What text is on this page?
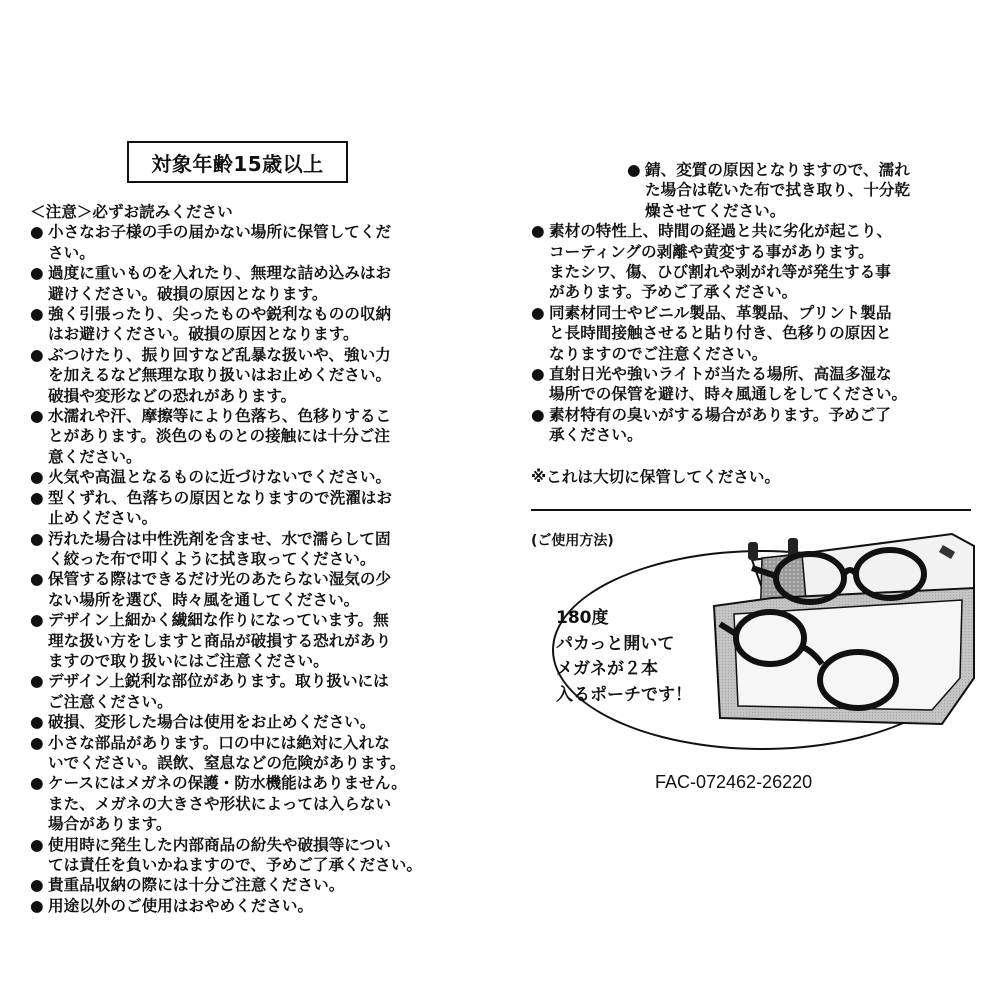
対象年齢15歳以上

＜注意＞必ずお読みください

● 小さなお子様の手の届かない場所に保管してくだ
さい。
● 過度に重いものを入れたり、無理な詰め込みはお
避けください。破損の原因となります。
● 強く引張ったり、尖ったものや鋭利なものの収納
はお避けください。破損の原因となります。
● ぶつけたり、振り回すなど乱暴な扱いや、強い力
を加えるなど無理な取り扱いはお止めください。
破損や変形などの恐れがあります。
● 水濡れや汗、摩擦等により色落ち、色移りするこ
とがあります。淡色のものとの接触には十分ご注
意ください。
● 火気や高温となるものに近づけないでください。
● 型くずれ、色落ちの原因となりますので洗濯はお
止めください。
● 汚れた場合は中性洗剤を含ませ、水で濡らして固
く絞った布で叩くように拭き取ってください。
● 保管する際はできるだけ光のあたらない湿気の少
ない場所を選び、時々風を通してください。
● デザイン上細かく繊細な作りになっています。無
理な扱い方をしますと商品が破損する恐れがあり
ますので取り扱いにはご注意ください。
● デザイン上鋭利な部位があります。取り扱いには
ご注意ください。
● 破損、変形した場合は使用をお止めください。
● 小さな部品があります。口の中には絶対に入れな
いでください。誤飲、窒息などの危険があります。
● ケースにはメガネの保護・防水機能はありません。
また、メガネの大きさや形状によっては入らない
場合があります。
● 使用時に発生した内部商品の紛失や破損等につい
ては責任を負いかねますので、予めご了承ください。
● 貴重品収納の際には十分ご注意ください。
● 用途以外のご使用はおやめください。
● 錆、変質の原因となりますので、濡れ
た場合は乾いた布で拭き取り、十分乾
燥させてください。
● 素材の特性上、時間の経過と共に劣化が起こり、
コーティングの剥離や黄変する事があります。
またシワ、傷、ひび割れや剥がれ等が発生する事
があります。予めご了承ください。
● 同素材同士やビニル製品、革製品、プリント製品
と長時間接触させると貼り付き、色移りの原因と
なりますのでご注意ください。
● 直射日光や強いライトが当たる場所、高温多湿な
場所での保管を避け、時々風通しをしてください。
● 素材特有の臭いがする場合があります。予めご了
承ください。

※これは大切に保管してください。

(ご使用方法)
180度
パカっと開いて
メガネが２本
入るポーチです！
FAC-072462-26220
